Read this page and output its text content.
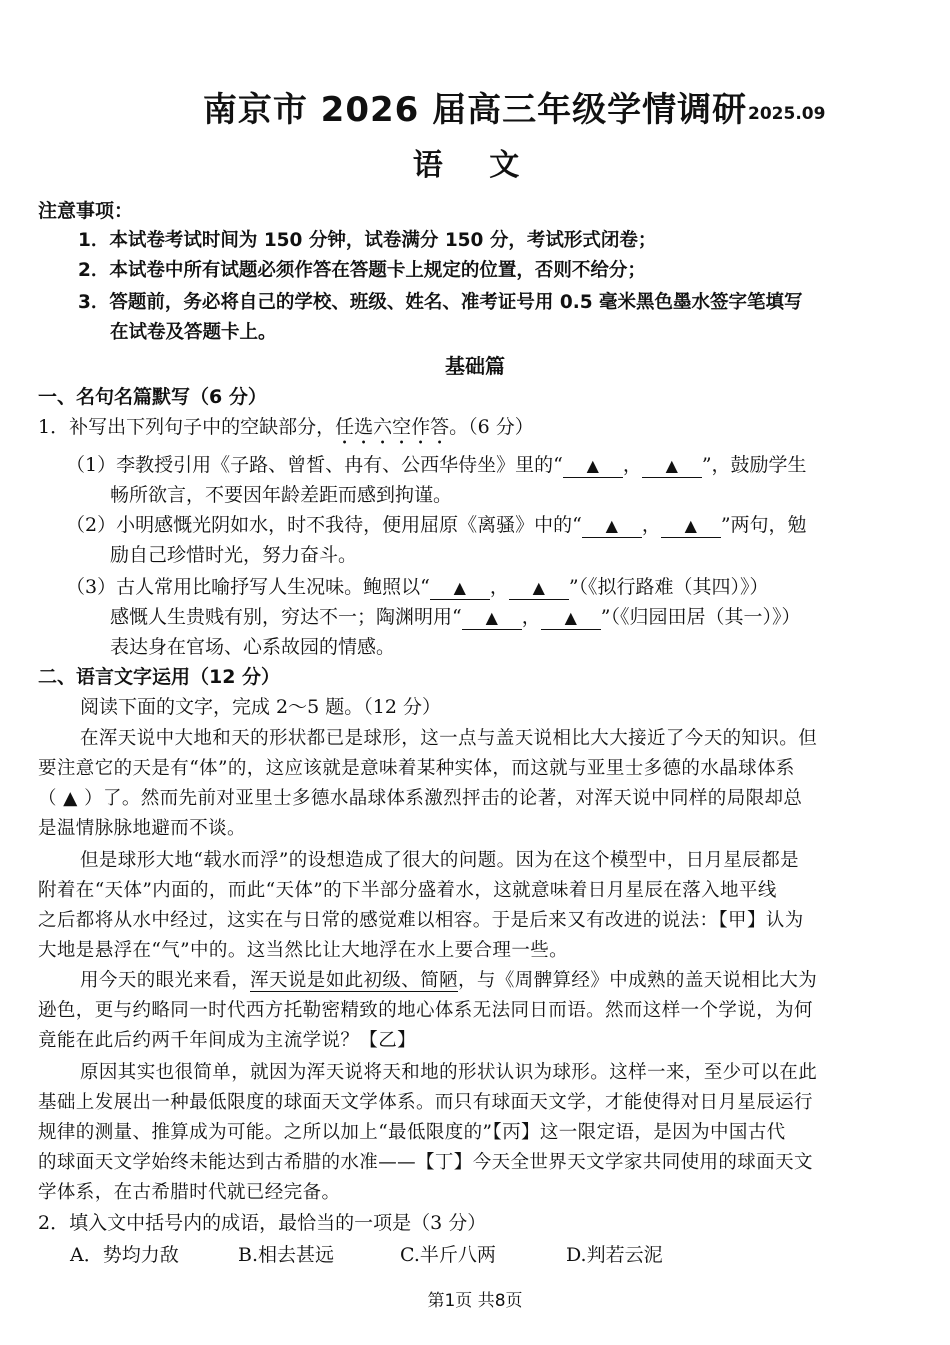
南京市 2026 届高三年级学情调研 2025.09
语 文
注意事项：
1．本试卷考试时间为 150 分钟，试卷满分 150 分，考试形式闭卷；
2．本试卷中所有试题必须作答在答题卡上规定的位置，否则不给分；
3．答题前，务必将自己的学校、班级、姓名、准考证号用 0.5 毫米黑色墨水签字笔填写
在试卷及答题卡上。
基础篇
一、名句名篇默写（6 分）
1．补写出下列句子中的空缺部分，任选六空作答。（6 分）
（1）李教授引用《子路、曾皙、冉有、公西华侍坐》里的“ ▲ ， ▲ ”，鼓励学生
畅所欲言，不要因年龄差距而感到拘谨。
（2）小明感慨光阴如水，时不我待，便用屈原《离骚》中的“ ▲ ， ▲ ”两句，勉
励自己珍惜时光，努力奋斗。
（3）古人常用比喻抒写人生况味。鲍照以“ ▲ ， ▲ ”（《拟行路难（其四）》）
感慨人生贵贱有别，穷达不一；陶渊明用“ ▲ ， ▲ ”（《归园田居（其一）》）
表达身在官场、心系故园的情感。
二、语言文字运用（12 分）
阅读下面的文字，完成 2～5 题。（12 分）
在浑天说中大地和天的形状都已是球形，这一点与盖天说相比大大接近了今天的知识。但
要注意它的天是有“体”的，这应该就是意味着某种实体，而这就与亚里士多德的水晶球体系
（ ▲ ）了。然而先前对亚里士多德水晶球体系激烈抨击的论著，对浑天说中同样的局限却总
是温情脉脉地避而不谈。
但是球形大地“载水而浮”的设想造成了很大的问题。因为在这个模型中，日月星辰都是
附着在“天体”内面的，而此“天体”的下半部分盛着水，这就意味着日月星辰在落入地平线
之后都将从水中经过，这实在与日常的感觉难以相容。于是后来又有改进的说法：【甲】认为
大地是悬浮在“气”中的。这当然比让大地浮在水上要合理一些。
用今天的眼光来看，浑天说是如此初级、简陋，与《周髀算经》中成熟的盖天说相比大为
逊色，更与约略同一时代西方托勒密精致的地心体系无法同日而语。然而这样一个学说，为何
竟能在此后约两千年间成为主流学说？【乙】
原因其实也很简单，就因为浑天说将天和地的形状认识为球形。这样一来，至少可以在此
基础上发展出一种最低限度的球面天文学体系。而只有球面天文学，才能使得对日月星辰运行
规律的测量、推算成为可能。之所以加上“最低限度的”【丙】这一限定语，是因为中国古代
的球面天文学始终未能达到古希腊的水准——【丁】今天全世界天文学家共同使用的球面天文
学体系，在古希腊时代就已经完备。
2．填入文中括号内的成语，最恰当的一项是（3 分）
A．势均力敌	B.相去甚远	C.半斤八两	D.判若云泥
第1页 共8页
